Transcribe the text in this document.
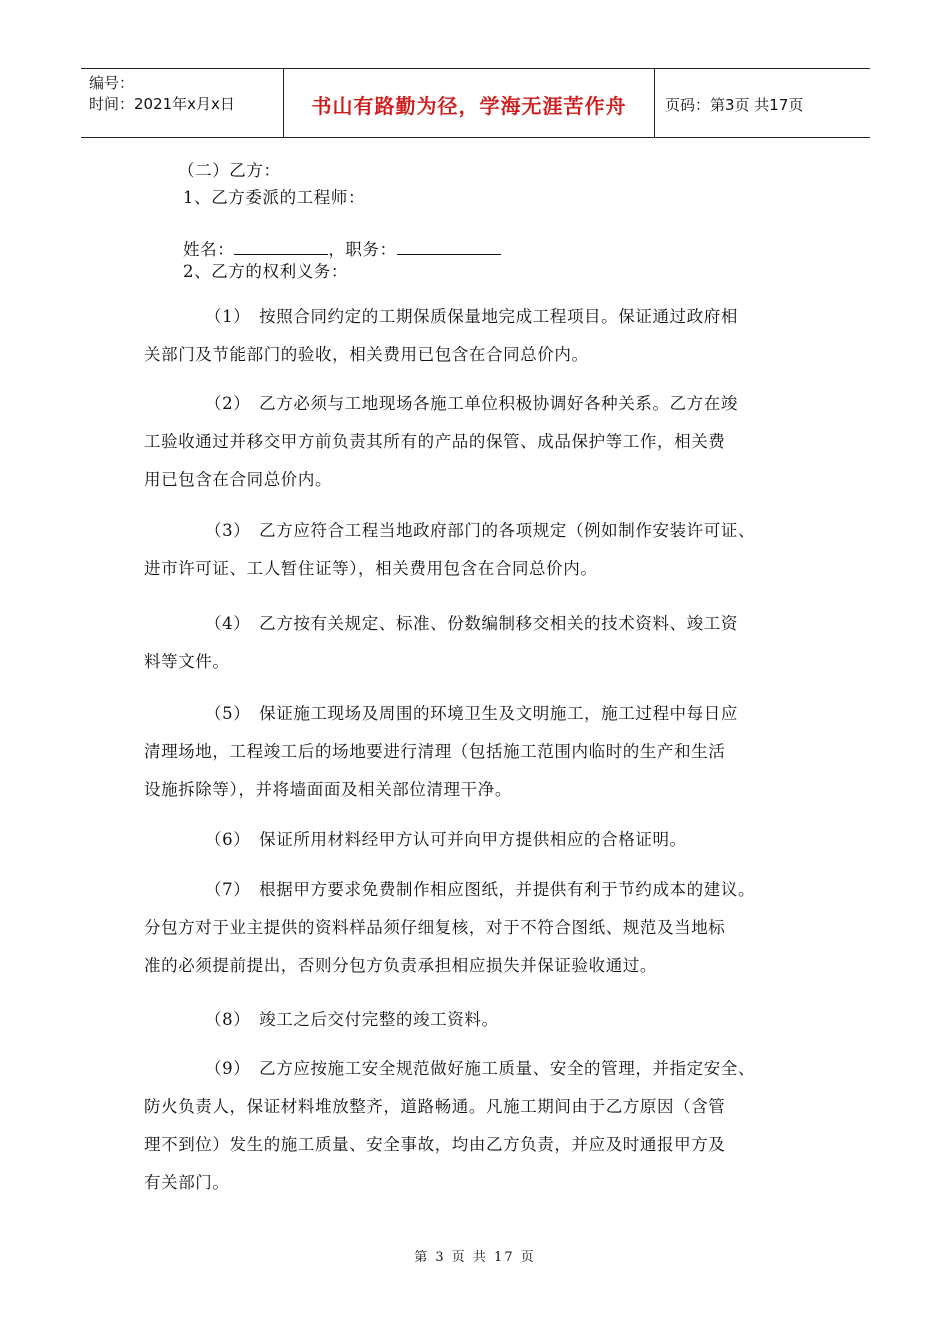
编号：
时间：2021年x月x日	书山有路勤为径，学海无涯苦作舟	页码：第3页 共17页
（二）乙方：
1、乙方委派的工程师：
姓名：	，职务：
2、乙方的权利义务：
（1）　按照合同约定的工期保质保量地完成工程项目。保证通过政府相
关部门及节能部门的验收，相关费用已包含在合同总价内。
（2）　乙方必须与工地现场各施工单位积极协调好各种关系。乙方在竣
工验收通过并移交甲方前负责其所有的产品的保管、成品保护等工作，相关费
用已包含在合同总价内。
（3）　乙方应符合工程当地政府部门的各项规定（例如制作安装许可证、
进市许可证、工人暂住证等），相关费用包含在合同总价内。
（4）　乙方按有关规定、标准、份数编制移交相关的技术资料、竣工资
料等文件。
（5）　保证施工现场及周围的环境卫生及文明施工，施工过程中每日应
清理场地，工程竣工后的场地要进行清理（包括施工范围内临时的生产和生活
设施拆除等），并将墙面面及相关部位清理干净。
（6）　保证所用材料经甲方认可并向甲方提供相应的合格证明。
（7）　根据甲方要求免费制作相应图纸，并提供有利于节约成本的建议。
分包方对于业主提供的资料样品须仔细复核，对于不符合图纸、规范及当地标
准的必须提前提出，否则分包方负责承担相应损失并保证验收通过。
（8）　竣工之后交付完整的竣工资料。
（9）　乙方应按施工安全规范做好施工质量、安全的管理，并指定安全、
防火负责人，保证材料堆放整齐，道路畅通。凡施工期间由于乙方原因（含管
理不到位）发生的施工质量、安全事故，均由乙方负责，并应及时通报甲方及
有关部门。
第 3 页 共 17 页
